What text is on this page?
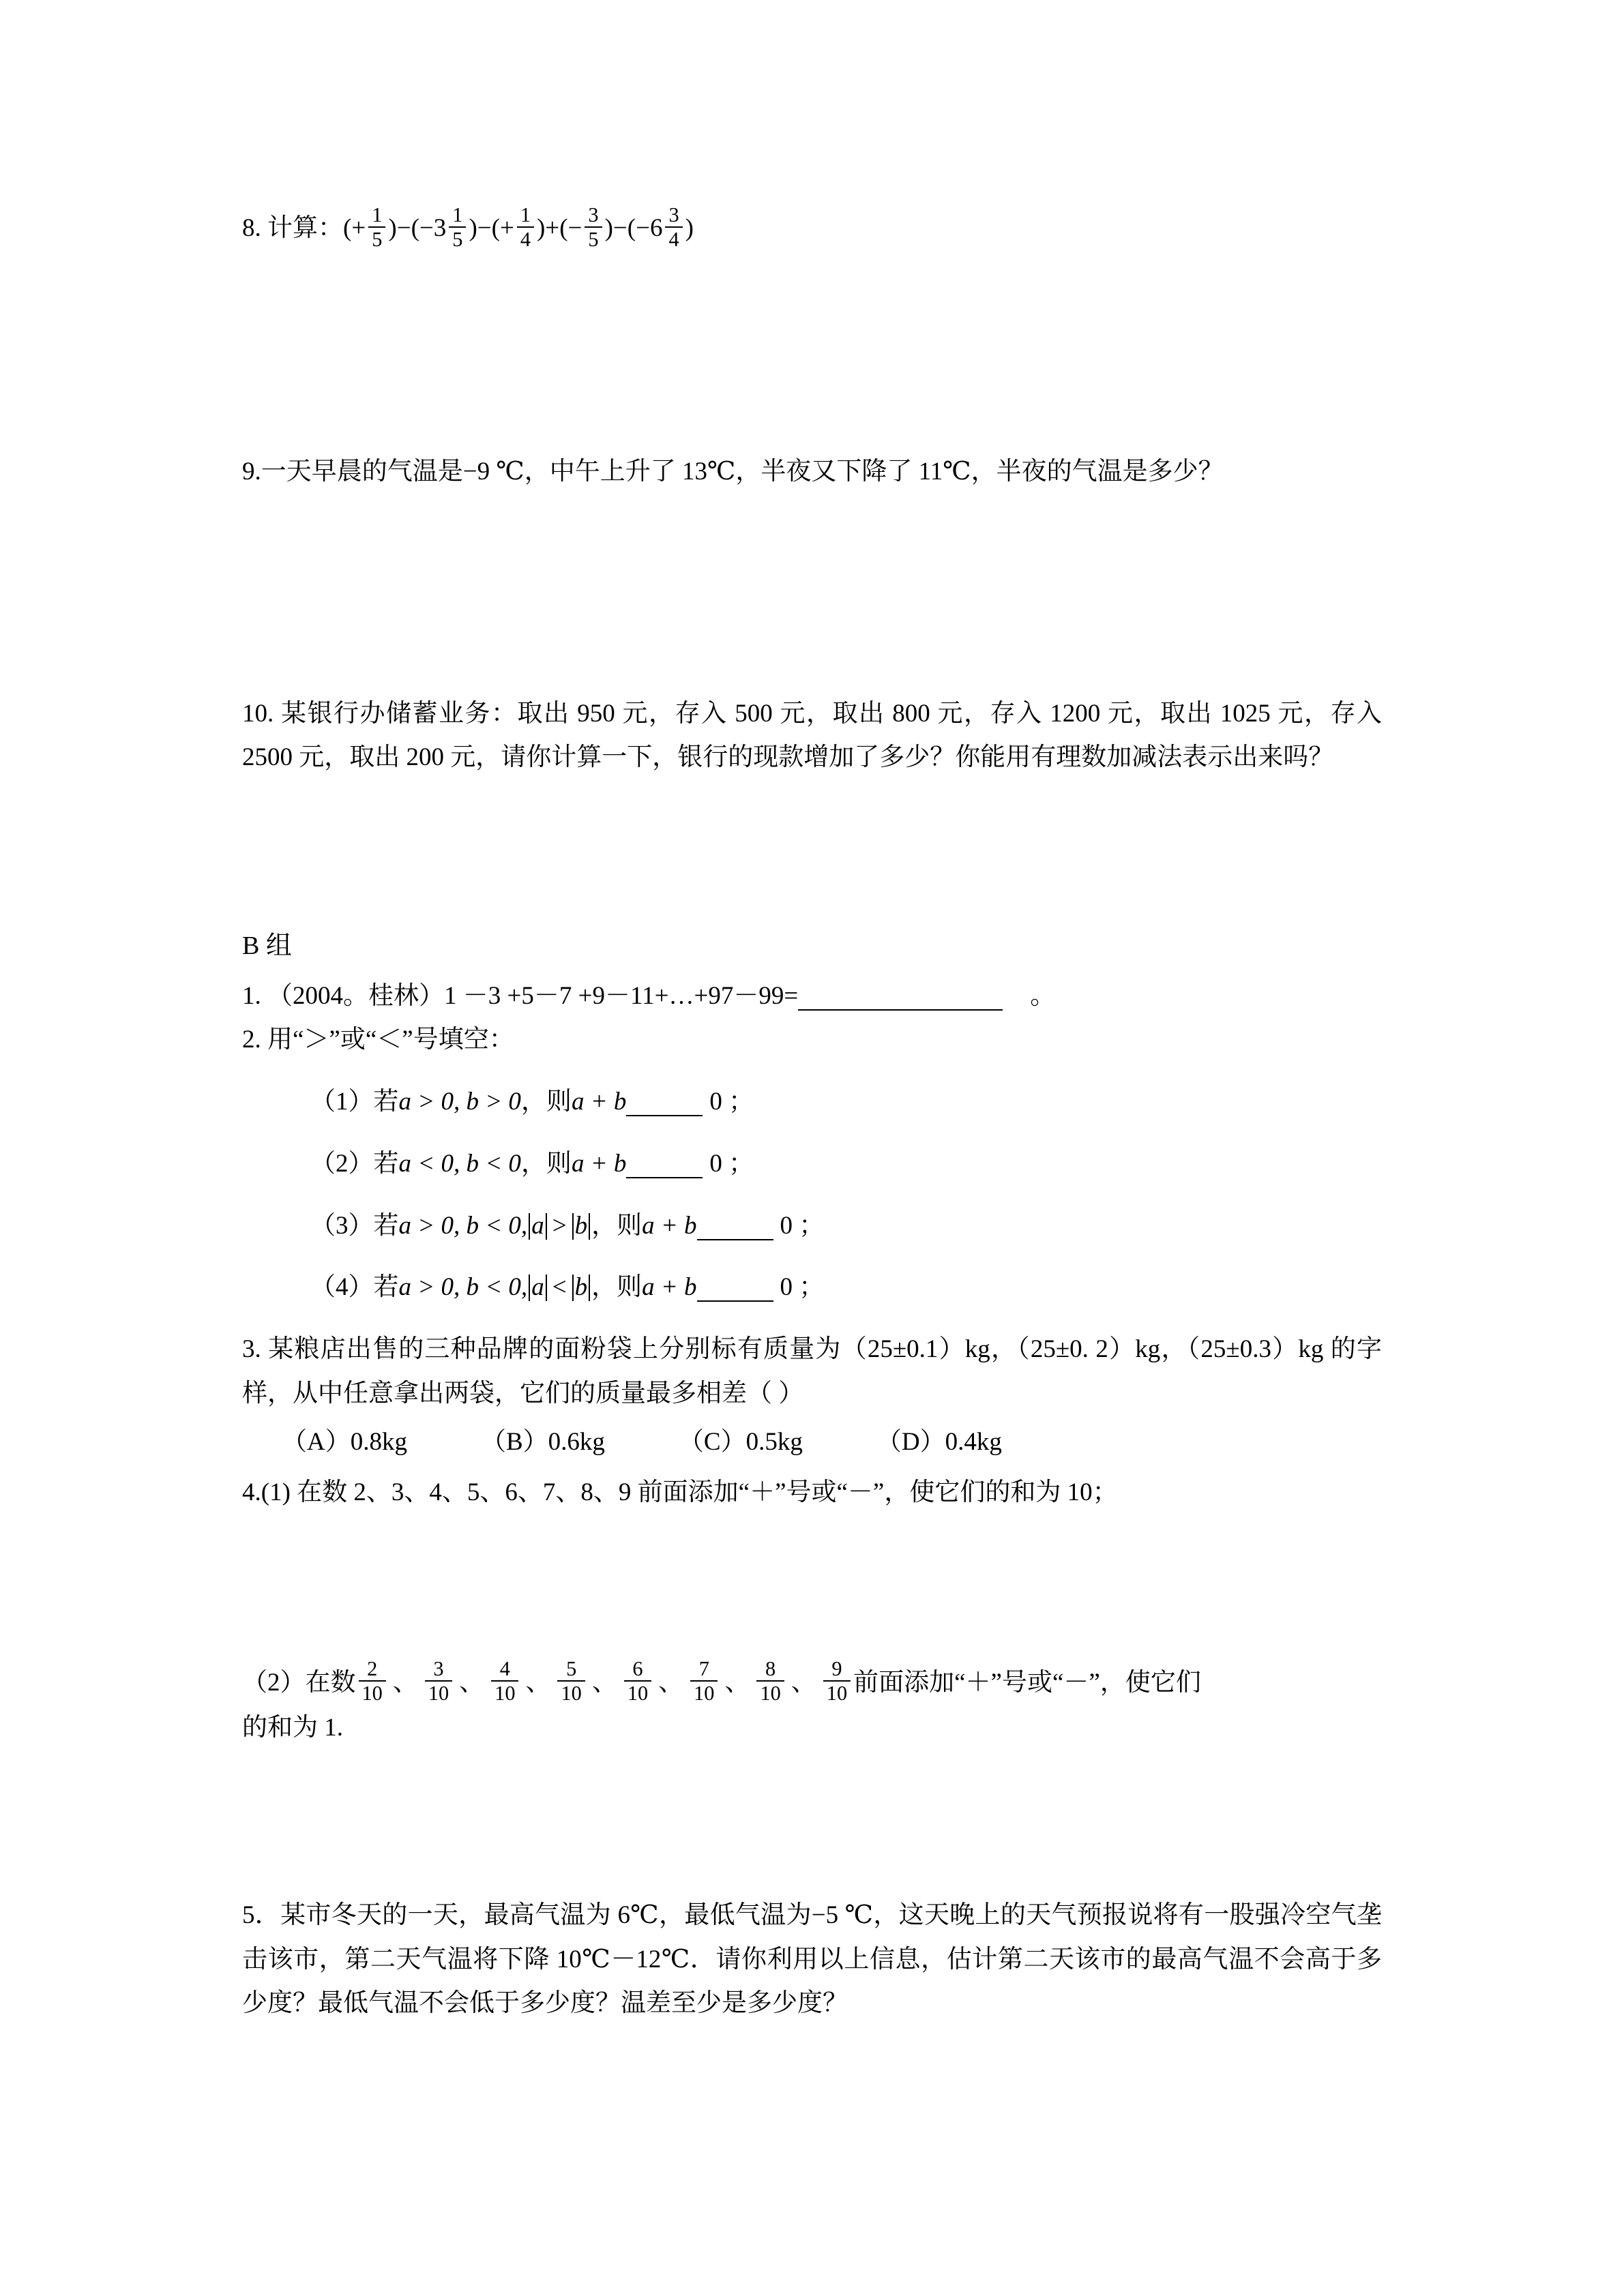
8. 计算： (+ $\frac{1}{5}$ ) −(− $3 \frac{1}{5}$ ) −(+ $\frac{1}{4}$ ) +(− $\frac{3}{5}$ ) −(− $6 \frac{3}{4}$ )
9.一天早晨的气温是−9 ℃，中午上升了 13℃，半夜又下降了 11℃，半夜的气温是多少？
10. 某银行办储蓄业务：取出 950 元，存入 500 元，取出 800 元，存入 1200 元，取出 1025 元，存入 2500 元，取出 200 元，请你计算一下，银行的现款增加了多少？你能用有理数加减法表示出来吗？
B 组
1. （2004。桂林）1 －3 +5－7 +9－11+…+97－99=	。
2. 用“＞”或“＜”号填空：
（1）若 a > 0, b > 0 ，则 a + b	0 ；
（2）若 a < 0, b < 0 ，则 a + b	0 ；
（3）若 a > 0, b < 0, a > b ，则 a + b	0 ；
（4）若 a > 0, b < 0, a < b ，则 a + b	0 ；
3. 某粮店出售的三种品牌的面粉袋上分别标有质量为（25±0.1）kg，（25±0. 2）kg，（25±0.3）kg 的字样，从中任意拿出两袋，它们的质量最多相差（ ）
（A）0.8kg	（B）0.6kg	（C）0.5kg	（D）0.4kg
4.(1) 在数 2、3、4、5、6、7、8、9 前面添加“＋”号或“－”，使它们的和为 10；
（2）在数 $\frac{2}{10}$ 、 $\frac{3}{10}$ 、 $\frac{4}{10}$ 、 $\frac{5}{10}$ 、 $\frac{6}{10}$ 、 $\frac{7}{10}$ 、 $\frac{8}{10}$ 、 $\frac{9}{10}$ 前面添加“＋”号或“－”，使它们
的和为 1.
5．某市冬天的一天，最高气温为 6℃，最低气温为−5 ℃，这天晚上的天气预报说将有一股强冷空气垄击该市，第二天气温将下降 10℃－12℃．请你利用以上信息，估计第二天该市的最高气温不会高于多少度？最低气温不会低于多少度？温差至少是多少度？
